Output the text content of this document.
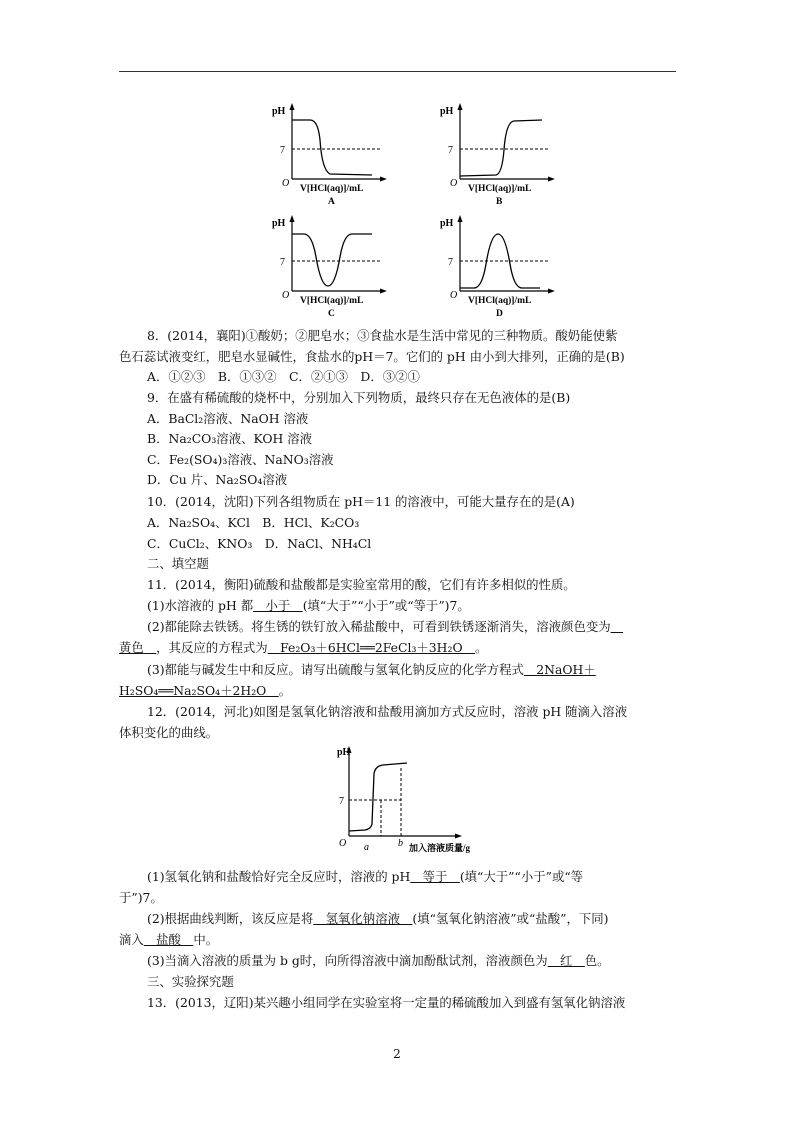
pH
7
O V[HCl(aq)]/mL
A
pH
7
O V[HCl(aq)]/mL
B
pH
7
O V[HCl(aq)]/mL
C
pH
7
O V[HCl(aq)]/mL
D
8．(2014，襄阳)①酸奶；②肥皂水；③食盐水是生活中常见的三种物质。酸奶能使紫
色石蕊试液变红，肥皂水显碱性，食盐水的pH＝7。它们的 pH 由小到大排列，正确的是(B)
A．①②③　B．①③②　C．②①③　D．③②①
9．在盛有稀硫酸的烧杯中，分别加入下列物质，最终只存在无色液体的是(B)
A．BaCl₂溶液、NaOH 溶液
B．Na₂CO₃溶液、KOH 溶液
C．Fe₂(SO₄)₃溶液、NaNO₃溶液
D．Cu 片、Na₂SO₄溶液
10．(2014，沈阳)下列各组物质在 pH＝11 的溶液中，可能大量存在的是(A)
A．Na₂SO₄、KCl　B．HCl、K₂CO₃
C．CuCl₂、KNO₃　D．NaCl、NH₄Cl
二、填空题
11．(2014，衡阳)硫酸和盐酸都是实验室常用的酸，它们有许多相似的性质。
(1)水溶液的 pH 都　小于　(填“大于”“小于”或“等于”)7。
(2)都能除去铁锈。将生锈的铁钉放入稀盐酸中，可看到铁锈逐渐消失，溶液颜色变为　
黄色　 ，其反应的方程式为　Fe₂O₃＋6HCl══2FeCl₃＋3H₂O　。
(3)都能与碱发生中和反应。请写出硫酸与氢氧化钠反应的化学方程式　2NaOH＋
H₂SO₄══Na₂SO₄＋2H₂O　。
12．(2014，河北)如图是氢氧化钠溶液和盐酸用滴加方式反应时，溶液 pH 随滴入溶液
体积变化的曲线。
pH
7
O a	b 加入溶液质量/g
(1)氢氧化钠和盐酸恰好完全反应时，溶液的 pH　等于　(填“大于”“小于”或“等
于”)7。
(2)根据曲线判断，该反应是将　氢氧化钠溶液　(填“氢氧化钠溶液”或“盐酸”，下同)
滴入　盐酸　中。
(3)当滴入溶液的质量为 b g时，向所得溶液中滴加酚酞试剂，溶液颜色为　红　色。
三、实验探究题
13．(2013，辽阳)某兴趣小组同学在实验室将一定量的稀硫酸加入到盛有氢氧化钠溶液
2
